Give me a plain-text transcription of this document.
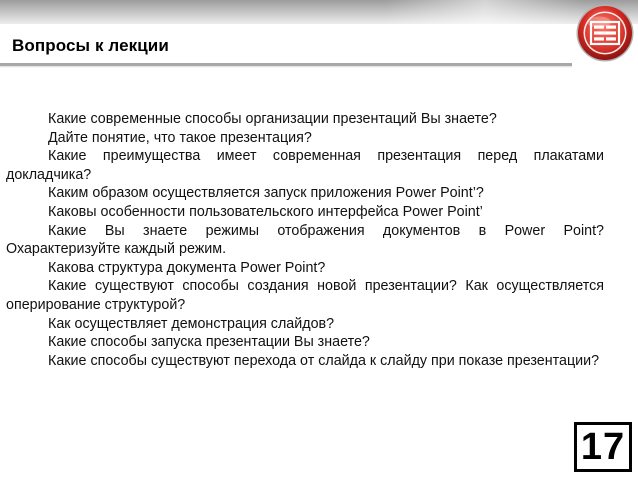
Вопросы к лекции

Какие современные способы организации презентаций Вы знаете?

Дайте понятие, что такое презентация?

Какие преимущества имеет современная презентация перед плакатами докладчика?

Каким образом осуществляется запуск приложения Power Point’?

Каковы особенности пользовательского интерфейса Power Point’

Какие Вы знаете режимы отображения документов в Power Point? Охарактеризуйте каждый режим.

Какова структура документа Power Point?

Какие существуют способы создания новой презентации? Как осуществляется оперирование структурой?

Как осуществляет демонстрация слайдов?

Какие способы запуска презентации Вы знаете?

Какие способы существуют перехода от слайда к слайду при показе презентации?

17
